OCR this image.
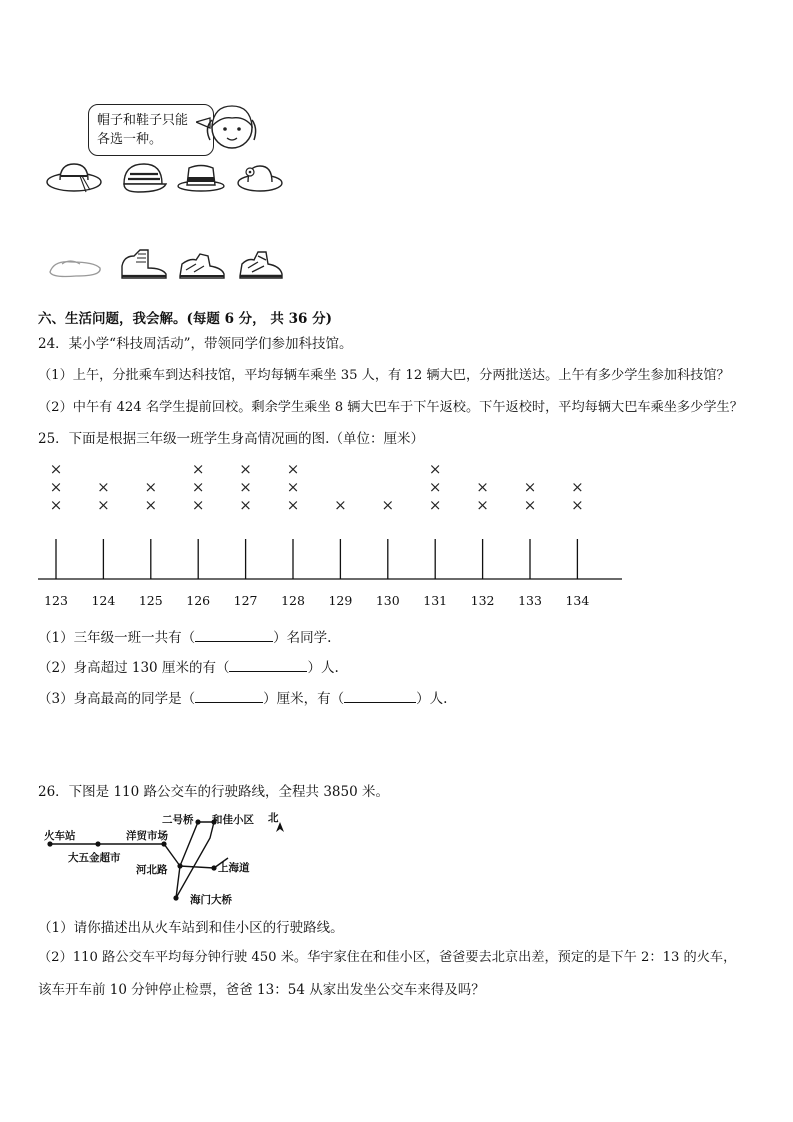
帽子和鞋子只能
各选一种。
六、生活问题，我会解。(每题 6 分， 共 36 分)
24．某小学“科技周活动”，带领同学们参加科技馆。
（1）上午，分批乘车到达科技馆，平均每辆车乘坐 35 人，有 12 辆大巴，分两批送达。上午有多少学生参加科技馆？
（2）中午有 424 名学生提前回校。剩余学生乘坐 8 辆大巴车于下午返校。下午返校时，平均每辆大巴车乘坐多少学生？
25．下面是根据三年级一班学生身高情况画的图.（单位：厘米）
123
×
×
×
124
×
×
125
×
×
126
×
×
×
127
×
×
×
128
×
×
×
129
×
130
×
131
×
×
×
132
×
×
133
×
×
134
×
×
（1）三年级一班一共有（	）名同学.
（2）身高超过 130 厘米的有（	）人.
（3）身高最高的同学是（	）厘米，有（	）人.
26．下图是 110 路公交车的行驶路线，全程共 3850 米。
火车站
大五金超市
洋贸市场
河北路
二号桥 和佳小区 北
上海道
海门大桥
（1）请你描述出从火车站到和佳小区的行驶路线。
（2）110 路公交车平均每分钟行驶 450 米。华宇家住在和佳小区，爸爸要去北京出差，预定的是下午 2：13 的火车，
该车开车前 10 分钟停止检票，爸爸 13：54 从家出发坐公交车来得及吗？
